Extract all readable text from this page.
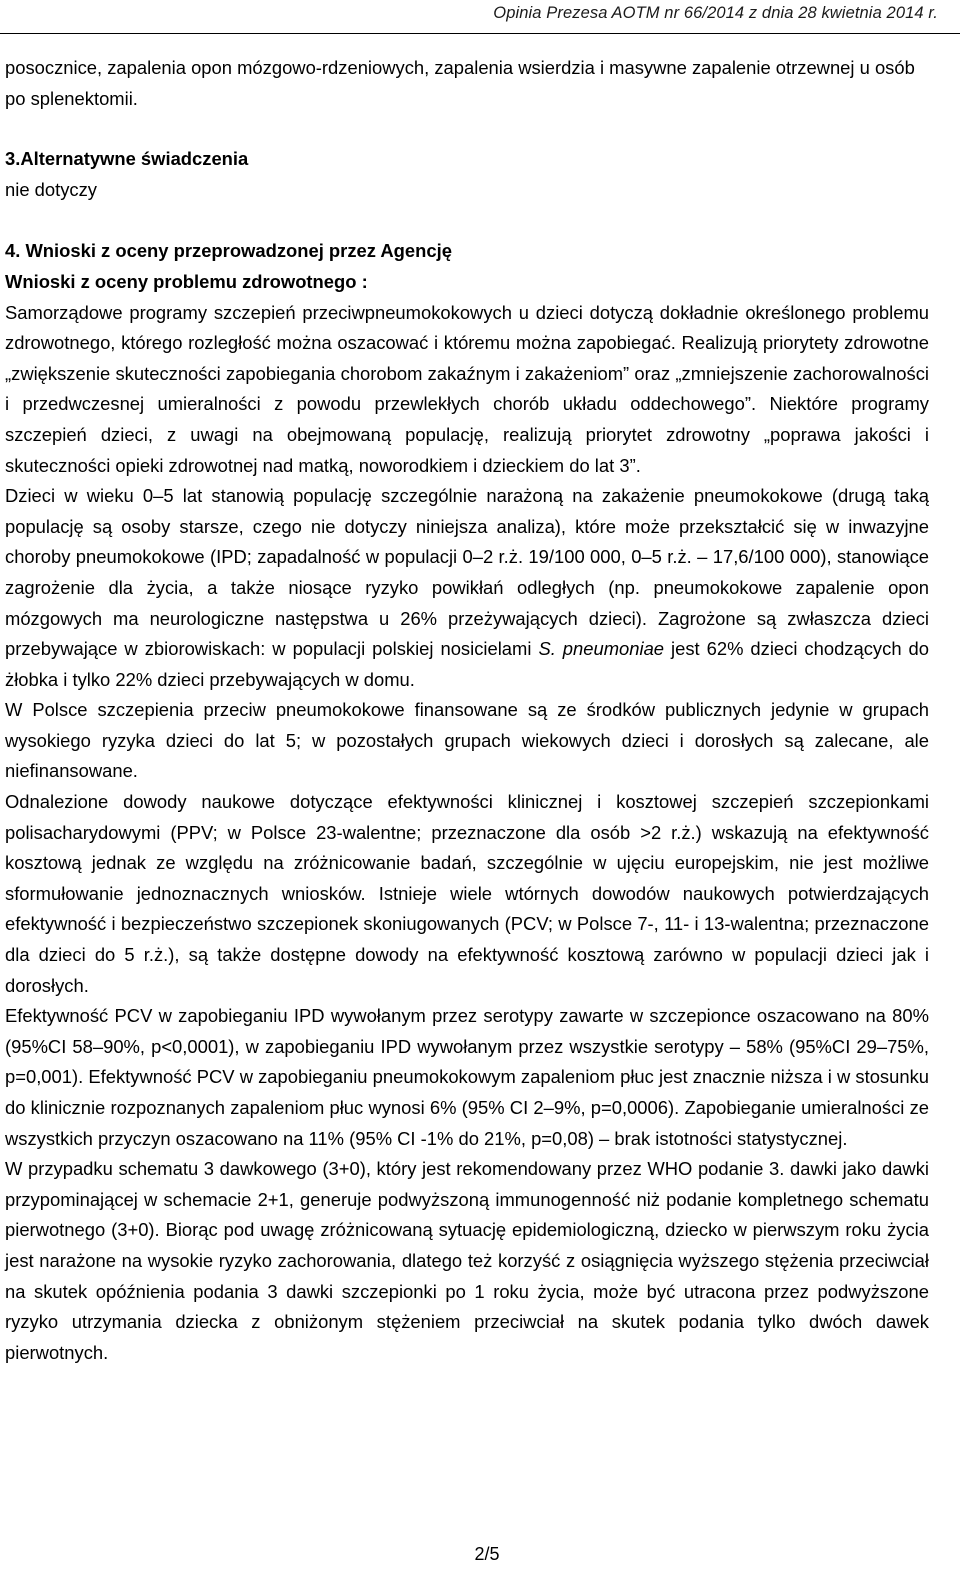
Opinia Prezesa AOTM nr 66/2014 z dnia 28 kwietnia 2014 r.

posocznice, zapalenia opon mózgowo-rdzeniowych, zapalenia wsierdzia i masywne zapalenie otrzewnej u osób po splenektomii.

3.Alternatywne świadczenia

nie dotyczy

4. Wnioski z oceny przeprowadzonej przez Agencję

Wnioski z oceny problemu zdrowotnego :

Samorządowe programy szczepień przeciwpneumokokowych u dzieci dotyczą dokładnie określonego problemu zdrowotnego, którego rozległość można oszacować i któremu można zapobiegać. Realizują priorytety zdrowotne „zwiększenie skuteczności zapobiegania chorobom zakaźnym i zakażeniom” oraz „zmniejszenie zachorowalności i przedwczesnej umieralności z powodu przewlekłych chorób układu oddechowego”. Niektóre programy szczepień dzieci, z uwagi na obejmowaną populację, realizują priorytet zdrowotny „poprawa jakości i skuteczności opieki zdrowotnej nad matką, noworodkiem i dzieckiem do lat 3”.

Dzieci w wieku 0–5 lat stanowią populację szczególnie narażoną na zakażenie pneumokokowe (drugą taką populację są osoby starsze, czego nie dotyczy niniejsza analiza), które może przekształcić się w inwazyjne choroby pneumokokowe (IPD; zapadalność w populacji 0–2 r.ż. 19/100 000, 0–5 r.ż. – 17,6/100 000), stanowiące zagrożenie dla życia, a także niosące ryzyko powikłań odległych (np. pneumokokowe zapalenie opon mózgowych ma neurologiczne następstwa u 26% przeżywających dzieci). Zagrożone są zwłaszcza dzieci przebywające w zbiorowiskach: w populacji polskiej nosicielami S. pneumoniae jest 62% dzieci chodzących do żłobka i tylko 22% dzieci przebywających w domu.

W Polsce szczepienia przeciw pneumokokowe finansowane są ze środków publicznych jedynie w grupach wysokiego ryzyka dzieci do lat 5; w pozostałych grupach wiekowych dzieci i dorosłych są zalecane, ale niefinansowane.

Odnalezione dowody naukowe dotyczące efektywności klinicznej i kosztowej szczepień szczepionkami polisacharydowymi (PPV; w Polsce 23-walentne; przeznaczone dla osób >2 r.ż.) wskazują na efektywność kosztową jednak ze względu na zróżnicowanie badań, szczególnie w ujęciu europejskim, nie jest możliwe sformułowanie jednoznacznych wniosków. Istnieje wiele wtórnych dowodów naukowych potwierdzających efektywność i bezpieczeństwo szczepionek skoniugowanych (PCV; w Polsce 7-, 11- i 13-walentna; przeznaczone dla dzieci do 5 r.ż.), są także dostępne dowody na efektywność kosztową zarówno w populacji dzieci jak i dorosłych.

Efektywność PCV w zapobieganiu IPD wywołanym przez serotypy zawarte w szczepionce oszacowano na 80% (95%CI 58–90%, p<0,0001), w zapobieganiu IPD wywołanym przez wszystkie serotypy – 58% (95%CI 29–75%, p=0,001). Efektywność PCV w zapobieganiu pneumokokowym zapaleniom płuc jest znacznie niższa i w stosunku do klinicznie rozpoznanych zapaleniom płuc wynosi 6% (95% CI 2–9%, p=0,0006). Zapobieganie umieralności ze wszystkich przyczyn oszacowano na 11% (95% CI -1% do 21%, p=0,08) – brak istotności statystycznej.

W przypadku schematu 3 dawkowego (3+0), który jest rekomendowany przez WHO podanie 3. dawki jako dawki przypominającej w schemacie 2+1, generuje podwyższoną immunogenność niż podanie kompletnego schematu pierwotnego (3+0). Biorąc pod uwagę zróżnicowaną sytuację epidemiologiczną, dziecko w pierwszym roku życia jest narażone na wysokie ryzyko zachorowania, dlatego też korzyść z osiągnięcia wyższego stężenia przeciwciał na skutek opóźnienia podania 3 dawki szczepionki po 1 roku życia, może być utracona przez podwyższone ryzyko utrzymania dziecka z obniżonym stężeniem przeciwciał na skutek podania tylko dwóch dawek pierwotnych.

2/5
